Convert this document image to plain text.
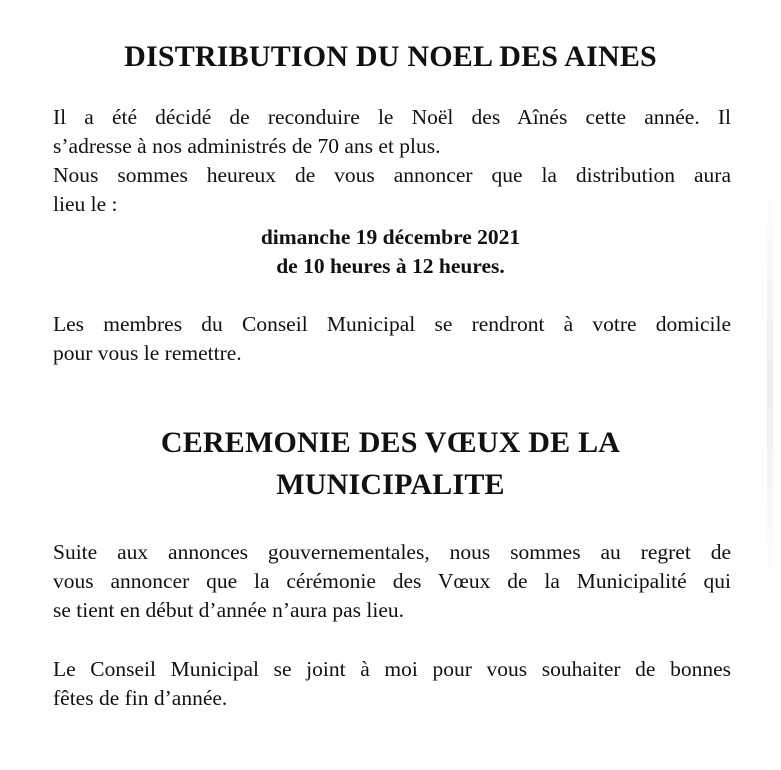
DISTRIBUTION DU NOEL DES AINES

Il a été décidé de reconduire le Noël des Aînés cette année. Il
s’adresse à nos administrés de 70 ans et plus.
Nous sommes heureux de vous annoncer que la distribution aura
lieu le :

dimanche 19 décembre 2021
de 10 heures à 12 heures.

Les membres du Conseil Municipal se rendront à votre domicile
pour vous le remettre.

CEREMONIE DES VŒUX DE LA
MUNICIPALITE

Suite aux annonces gouvernementales, nous sommes au regret de
vous annoncer que la cérémonie des Vœux de la Municipalité qui
se tient en début d’année n’aura pas lieu.

Le Conseil Municipal se joint à moi pour vous souhaiter de bonnes
fêtes de fin d’année.
